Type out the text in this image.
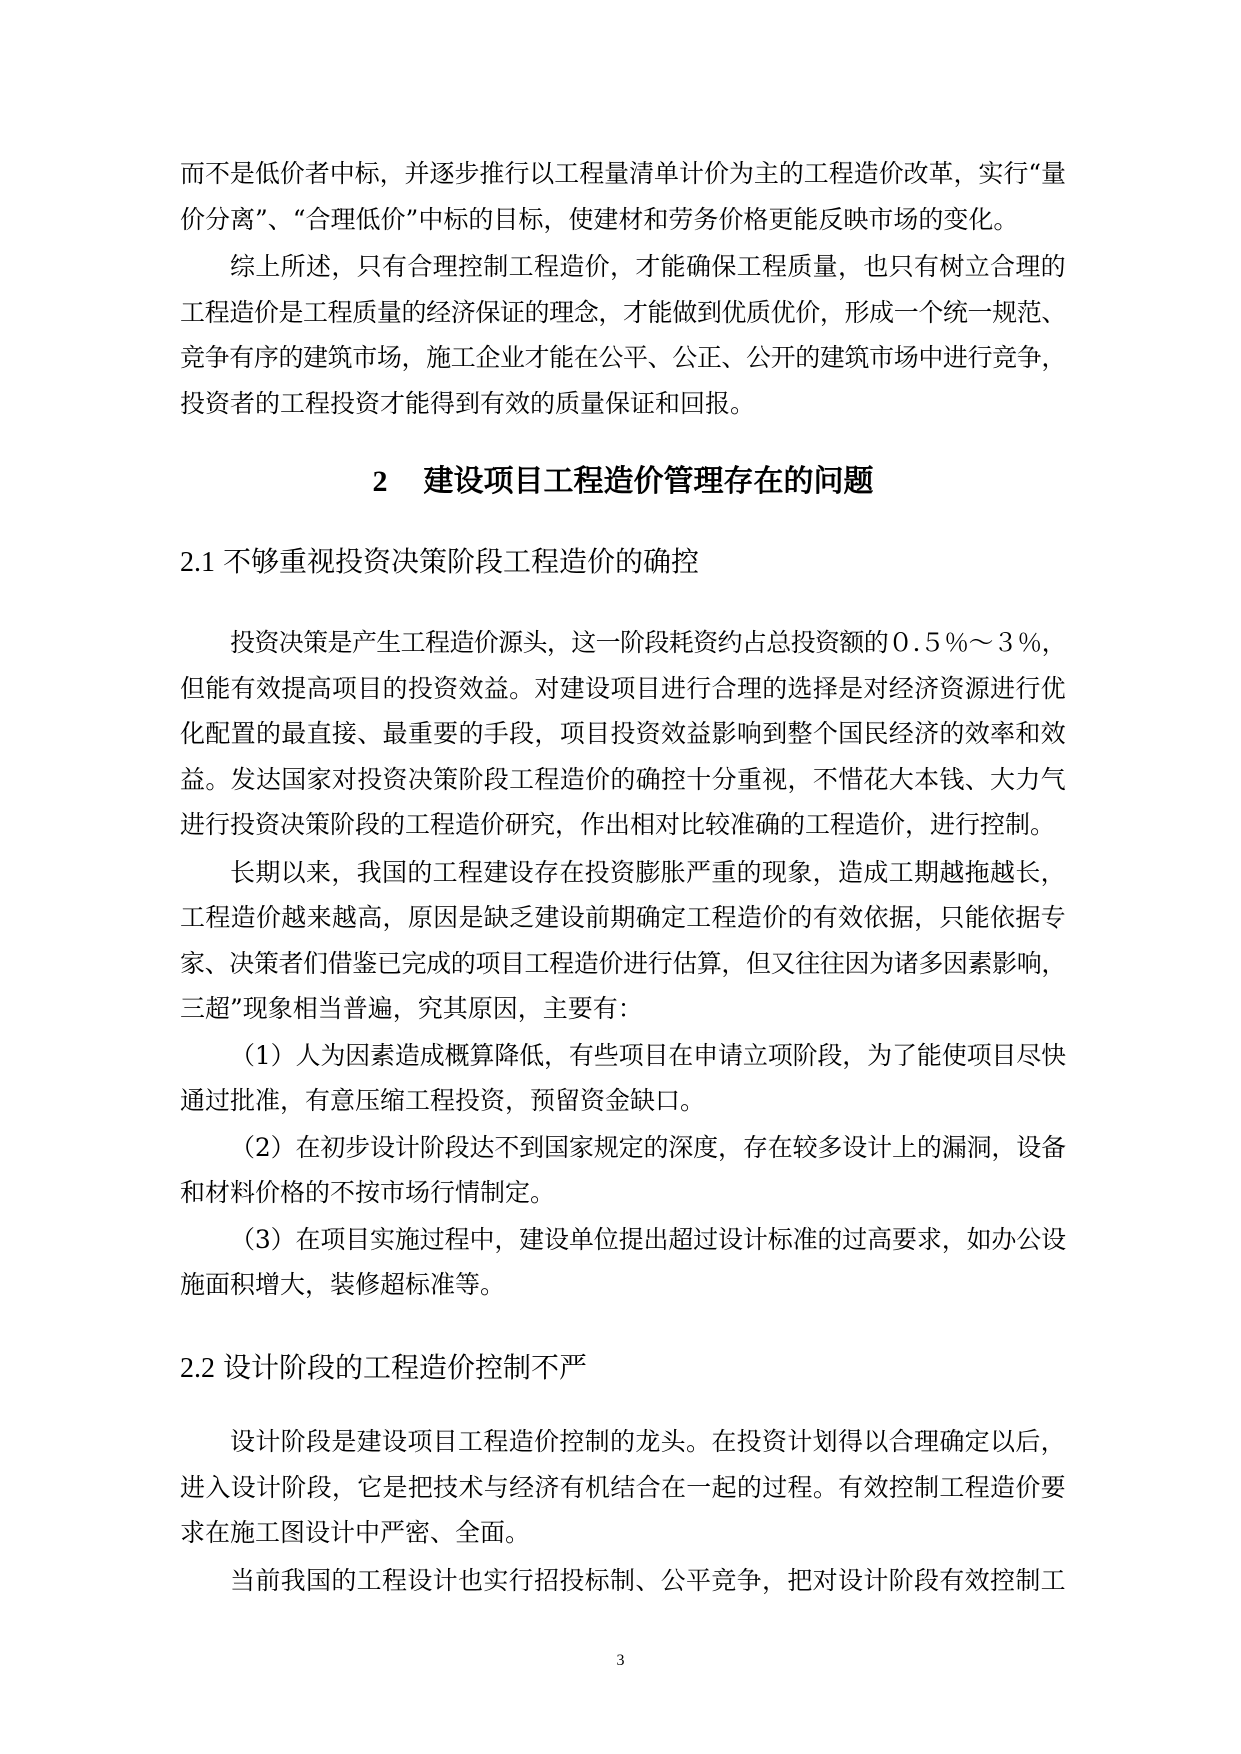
而不是低价者中标，并逐步推行以工程量清单计价为主的工程造价改革，实行“量
价分离”、“合理低价”中标的目标，使建材和劳务价格更能反映市场的变化。
综上所述，只有合理控制工程造价，才能确保工程质量，也只有树立合理的
工程造价是工程质量的经济保证的理念，才能做到优质优价，形成一个统一规范、
竞争有序的建筑市场，施工企业才能在公平、公正、公开的建筑市场中进行竞争，
投资者的工程投资才能得到有效的质量保证和回报。
2 建设项目工程造价管理存在的问题
2.1 不够重视投资决策阶段工程造价的确控
投资决策是产生工程造价源头，这一阶段耗资约占总投资额的０.５％～３％，
但能有效提高项目的投资效益。对建设项目进行合理的选择是对经济资源进行优
化配置的最直接、最重要的手段，项目投资效益影响到整个国民经济的效率和效
益。发达国家对投资决策阶段工程造价的确控十分重视，不惜花大本钱、大力气
进行投资决策阶段的工程造价研究，作出相对比较准确的工程造价，进行控制。
长期以来，我国的工程建设存在投资膨胀严重的现象，造成工期越拖越长，
工程造价越来越高，原因是缺乏建设前期确定工程造价的有效依据，只能依据专
家、决策者们借鉴已完成的项目工程造价进行估算，但又往往因为诸多因素影响，
三超”现象相当普遍，究其原因，主要有：
（1）人为因素造成概算降低，有些项目在申请立项阶段，为了能使项目尽快
通过批准，有意压缩工程投资，预留资金缺口。
（2）在初步设计阶段达不到国家规定的深度，存在较多设计上的漏洞，设备
和材料价格的不按市场行情制定。
（3）在项目实施过程中，建设单位提出超过设计标准的过高要求，如办公设
施面积增大，装修超标准等。
2.2 设计阶段的工程造价控制不严
设计阶段是建设项目工程造价控制的龙头。在投资计划得以合理确定以后，
进入设计阶段，它是把技术与经济有机结合在一起的过程。有效控制工程造价要
求在施工图设计中严密、全面。
当前我国的工程设计也实行招投标制、公平竞争，把对设计阶段有效控制工
3
